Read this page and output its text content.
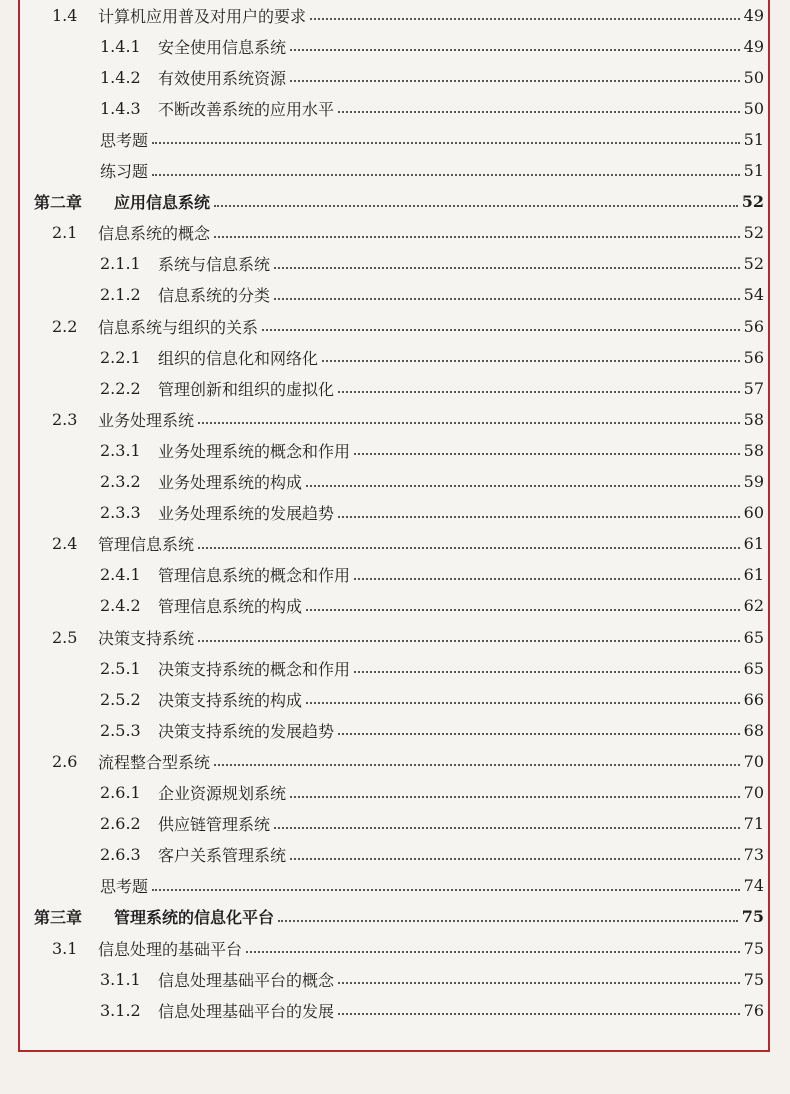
1.4	计算机应用普及对用户的要求	49
1.4.1	安全使用信息系统	49
1.4.2	有效使用系统资源	50
1.4.3	不断改善系统的应用水平	50
思考题	51
练习题	51
第二章	应用信息系统	52
2.1	信息系统的概念	52
2.1.1	系统与信息系统	52
2.1.2	信息系统的分类	54
2.2	信息系统与组织的关系	56
2.2.1	组织的信息化和网络化	56
2.2.2	管理创新和组织的虚拟化	57
2.3	业务处理系统	58
2.3.1	业务处理系统的概念和作用	58
2.3.2	业务处理系统的构成	59
2.3.3	业务处理系统的发展趋势	60
2.4	管理信息系统	61
2.4.1	管理信息系统的概念和作用	61
2.4.2	管理信息系统的构成	62
2.5	决策支持系统	65
2.5.1	决策支持系统的概念和作用	65
2.5.2	决策支持系统的构成	66
2.5.3	决策支持系统的发展趋势	68
2.6	流程整合型系统	70
2.6.1	企业资源规划系统	70
2.6.2	供应链管理系统	71
2.6.3	客户关系管理系统	73
思考题	74
第三章	管理系统的信息化平台	75
3.1	信息处理的基础平台	75
3.1.1	信息处理基础平台的概念	75
3.1.2	信息处理基础平台的发展	76
